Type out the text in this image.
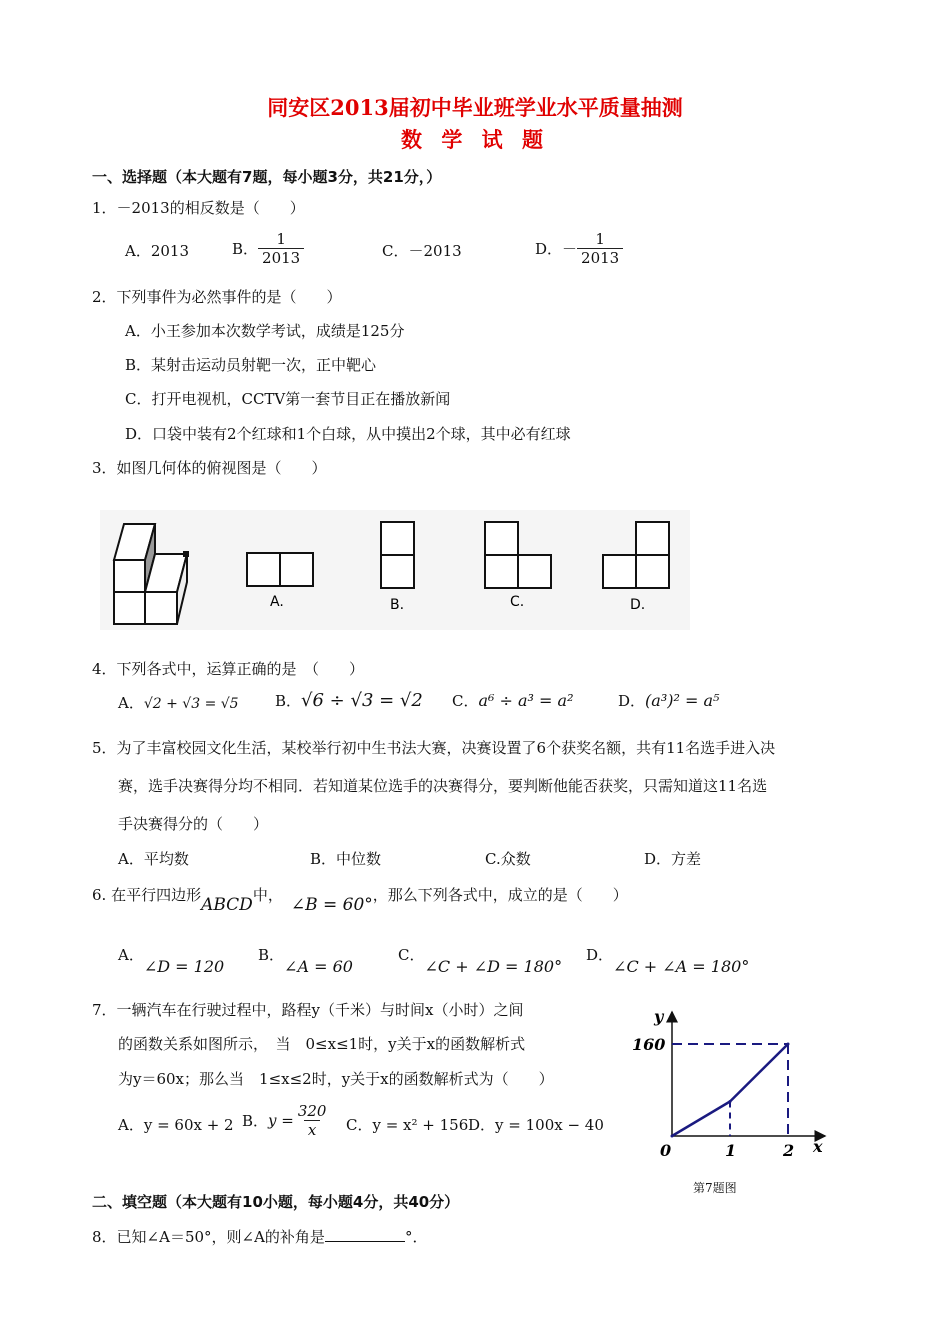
同安区2013届初中毕业班学业水平质量抽测
数 学 试 题
一、选择题（本大题有7题，每小题3分，共21分，）
1．－2013的相反数是（　　）
A．2013	B． $\frac{1}{2013}$	C．－2013	D．－ $\frac{1}{2013}$
2．下列事件为必然事件的是（　　）
A．小王参加本次数学考试，成绩是125分
B．某射击运动员射靶一次，正中靶心
C．打开电视机，CCTV第一套节目正在播放新闻
D．口袋中装有2个红球和1个白球，从中摸出2个球，其中必有红球
3．如图几何体的俯视图是（　　）
A.	B.	C.	D.
4．下列各式中，运算正确的是　（　　）
A．√2 + √3 = √5 B．√6 ÷ √3 = √2 C．a⁶ ÷ a³ = a²	D．(a³)² = a⁵
5．为了丰富校园文化生活，某校举行初中生书法大赛，决赛设置了6个获奖名额，共有11名选手进入决
赛，选手决赛得分均不相同．若知道某位选手的决赛得分，要判断他能否获奖，只需知道这11名选
手决赛得分的（　　）
A．平均数	B．中位数	C.众数	D．方差
6. 在平行四边形ABCD中， ∠B = 60°，那么下列各式中，成立的是（　　）
A．∠D = 120
B．∠A = 60
C．∠C + ∠D = 180°
D．∠C + ∠A = 180°
7．一辆汽车在行驶过程中，路程y（千米）与时间x（小时）之间
的函数关系如图所示，　当　0≤x≤1时，y关于x的函数解析式
为y＝60x；那么当　1≤x≤2时，y关于x的函数解析式为（　　）
A．y = 60x + 2 B．$y = \frac{320}{x}$ C．y = x² + 156 D．y = 100x − 40
y
x
0	1	2
160
第7题图
二、填空题（本大题有10小题，每小题4分，共40分）
8．已知∠A＝50°，则∠A的补角是	°．
